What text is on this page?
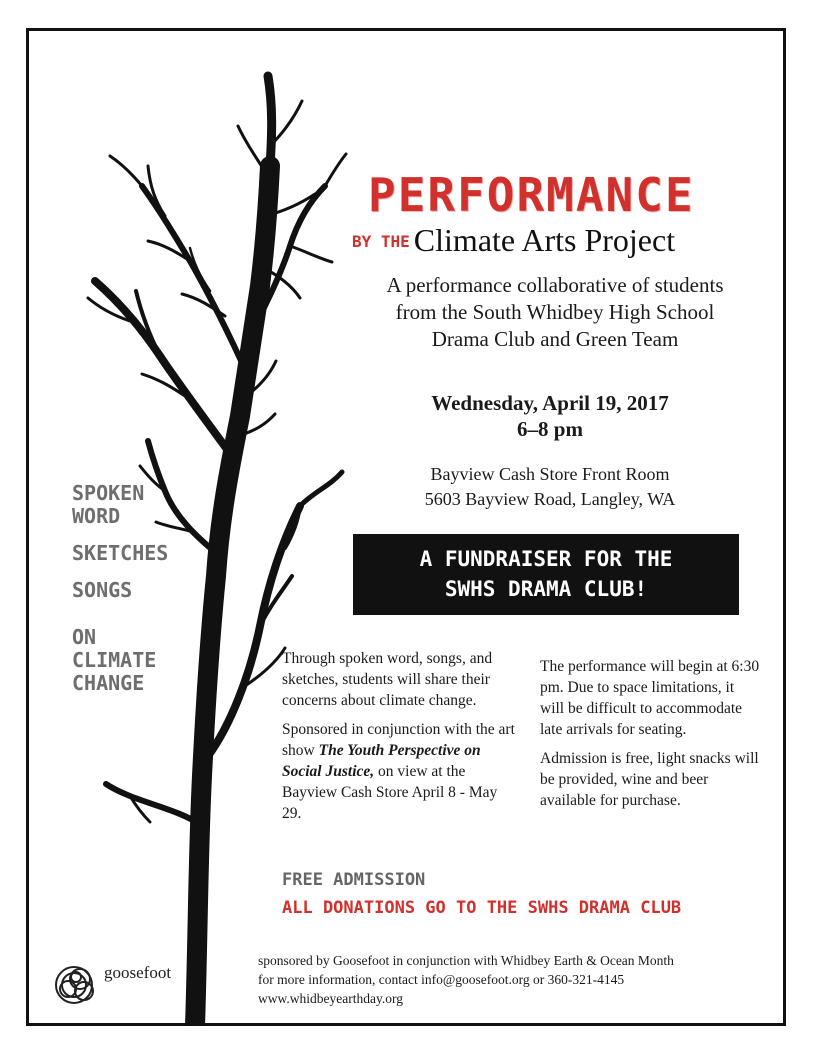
PERFORMANCE
BY THE Climate Arts Project
A performance collaborative of students
from the South Whidbey High School
Drama Club and Green Team
Wednesday, April 19, 2017
6–8 pm
Bayview Cash Store Front Room
5603 Bayview Road, Langley, WA
A FUNDRAISER FOR THE
SWHS DRAMA CLUB!
SPOKEN
WORD
SKETCHES
SONGS
ON
CLIMATE
CHANGE

Through spoken word, songs, and sketches, students will share their concerns about climate change.

Sponsored in conjunction with the art show The Youth Perspective on Social Justice, on view at the Bayview Cash Store April 8 - May 29.

The performance will begin at 6:30 pm. Due to space limitations, it will be difficult to accommodate late arrivals for seating.

Admission is free, light snacks will be provided, wine and beer available for purchase.

FREE ADMISSION
ALL DONATIONS GO TO THE SWHS DRAMA CLUB
goosefoot
sponsored by Goosefoot in conjunction with Whidbey Earth & Ocean Month
for more information, contact info@goosefoot.org or 360-321-4145
www.whidbeyearthday.org
